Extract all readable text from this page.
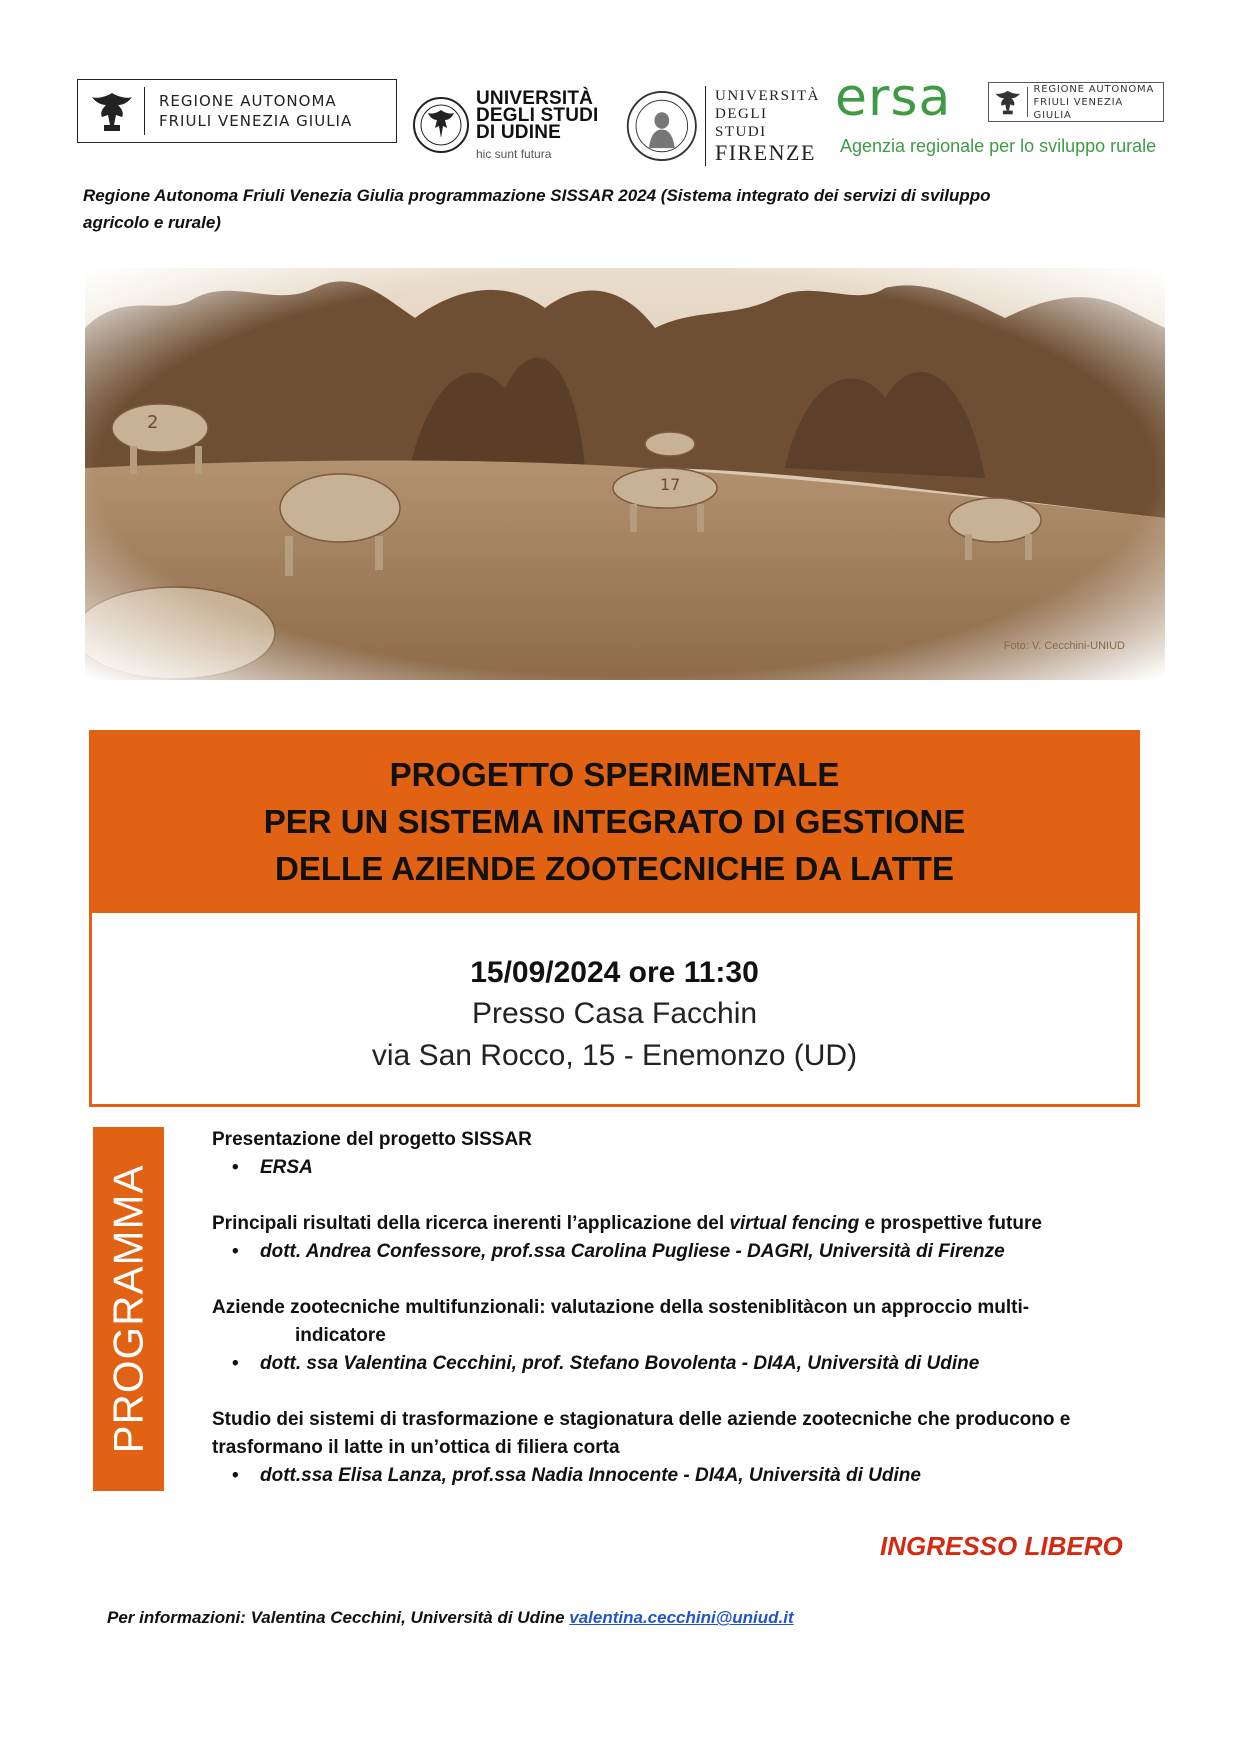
REGIONE AUTONOMA
FRIULI VENEZIA GIULIA
UNIVERSITÀ
DEGLI STUDI
DI UDINE
hic sunt futura
UNIVERSITÀ
DEGLI STUDI
FIRENZE
ersa	REGIONE AUTONOMA
FRIULI VENEZIA GIULIA
Agenzia regionale per lo sviluppo rurale
Regione Autonoma Friuli Venezia Giulia programmazione SISSAR 2024 (Sistema integrato dei servizi di sviluppo agricolo e rurale)
Foto: V. Cecchini-UNIUD
PROGETTO SPERIMENTALE
PER UN SISTEMA INTEGRATO DI GESTIONE
DELLE AZIENDE ZOOTECNICHE DA LATTE
15/09/2024 ore 11:30
Presso Casa Facchin
via San Rocco, 15 - Enemonzo (UD)
PROGRAMMA
Presentazione del progetto SISSAR
•	ERSA
Principali risultati della ricerca inerenti l’applicazione del virtual fencing e prospettive future
•	dott. Andrea Confessore, prof.ssa Carolina Pugliese - DAGRI, Università di Firenze
Aziende zootecniche multifunzionali: valutazione della sosteniblitàcon un approccio multi-
indicatore
•	dott. ssa Valentina Cecchini, prof. Stefano Bovolenta - DI4A, Università di Udine
Studio dei sistemi di trasformazione e stagionatura delle aziende zootecniche che producono e
trasformano il latte in un’ottica di filiera corta
•	dott.ssa Elisa Lanza, prof.ssa Nadia Innocente - DI4A, Università di Udine
INGRESSO LIBERO
Per informazioni: Valentina Cecchini, Università di Udine valentina.cecchini@uniud.it
